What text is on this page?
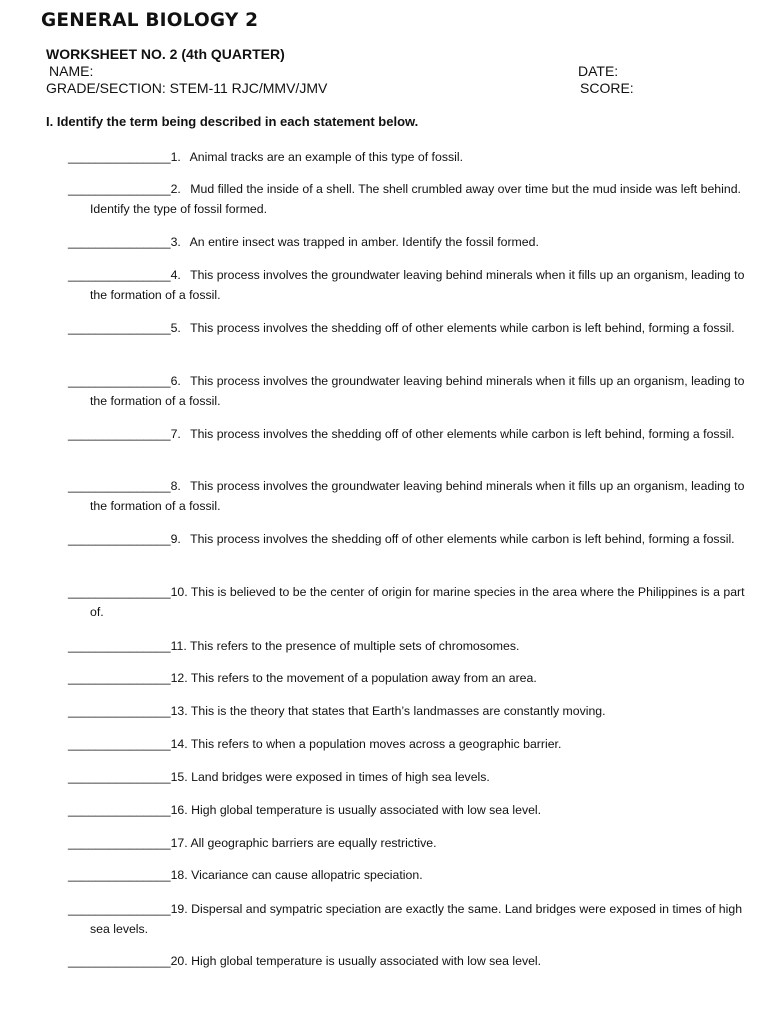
GENERAL BIOLOGY 2
WORKSHEET NO. 2 (4th QUARTER)
NAME:
GRADE/SECTION: STEM-11 RJC/MMV/JMV
DATE:
SCORE:
I. Identify the term being described in each statement below.
_______________1. Animal tracks are an example of this type of fossil.
_______________2. Mud filled the inside of a shell. The shell crumbled away over time but the mud inside was left behind. Identify the type of fossil formed.
_______________3. An entire insect was trapped in amber. Identify the fossil formed.
_______________4. This process involves the groundwater leaving behind minerals when it fills up an organism, leading to the formation of a fossil.
_______________5. This process involves the shedding off of other elements while carbon is left behind, forming a fossil.
_______________6. This process involves the groundwater leaving behind minerals when it fills up an organism, leading to the formation of a fossil.
_______________7. This process involves the shedding off of other elements while carbon is left behind, forming a fossil.
_______________8. This process involves the groundwater leaving behind minerals when it fills up an organism, leading to the formation of a fossil.
_______________9. This process involves the shedding off of other elements while carbon is left behind, forming a fossil.
_______________10. This is believed to be the center of origin for marine species in the area where the Philippines is a part of.
_______________11. This refers to the presence of multiple sets of chromosomes.
_______________12. This refers to the movement of a population away from an area.
_______________13. This is the theory that states that Earth’s landmasses are constantly moving.
_______________14. This refers to when a population moves across a geographic barrier.
_______________15. Land bridges were exposed in times of high sea levels.
_______________16. High global temperature is usually associated with low sea level.
_______________17. All geographic barriers are equally restrictive.
_______________18. Vicariance can cause allopatric speciation.
_______________19. Dispersal and sympatric speciation are exactly the same. Land bridges were exposed in times of high sea levels.
_______________20. High global temperature is usually associated with low sea level.
